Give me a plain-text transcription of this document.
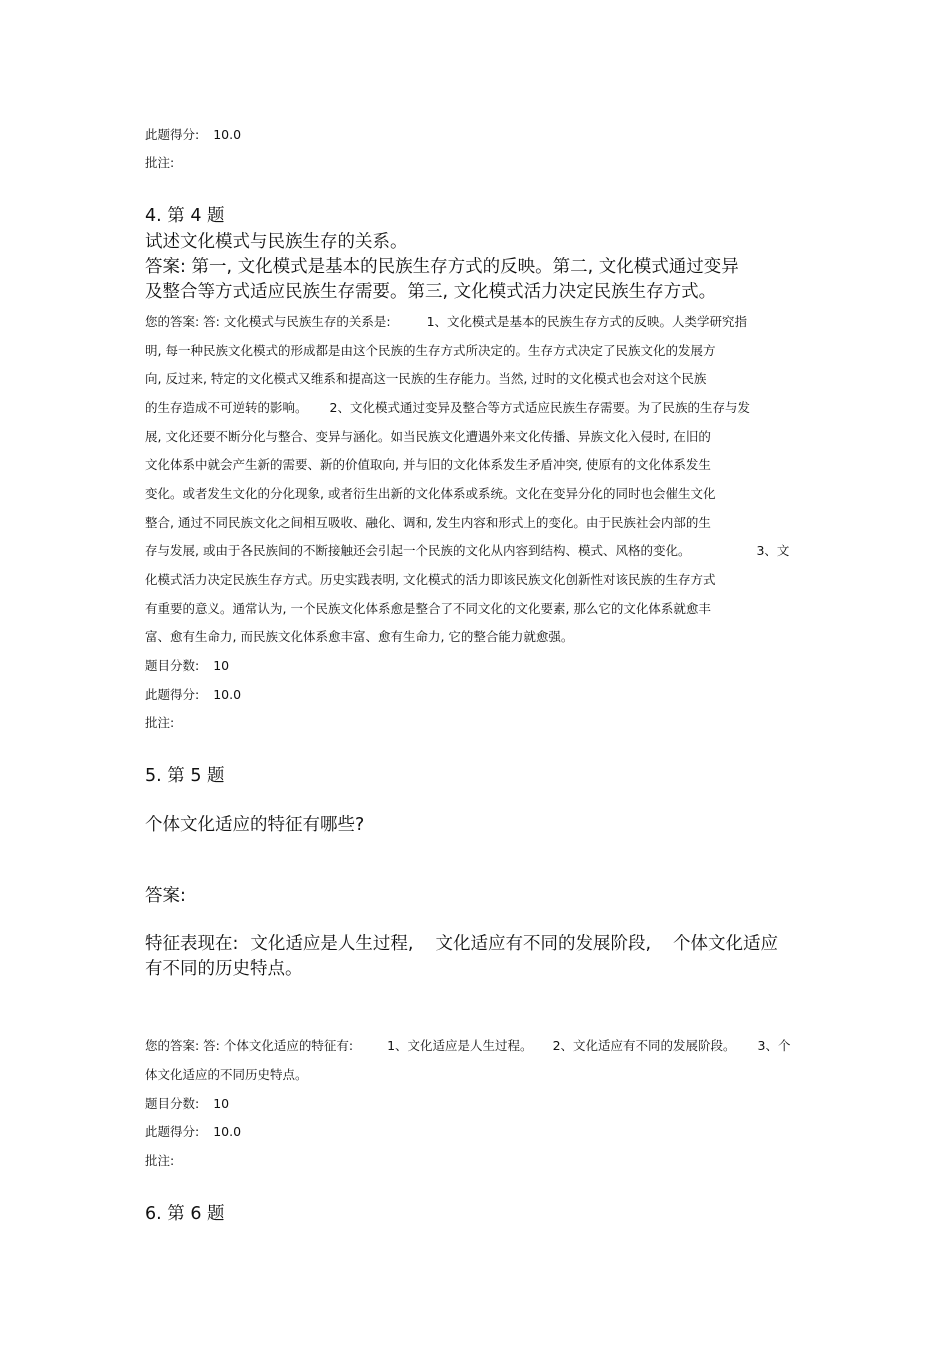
此题得分: 10.0
批注:
4. 第 4 题
试述文化模式与民族生存的关系。
答案: 第一, 文化模式是基本的民族生存方式的反映。第二, 文化模式通过变异
及整合等方式适应民族生存需要。第三, 文化模式活力决定民族生存方式。
您的答案: 答: 文化模式与民族生存的关系是:	1、文化模式是基本的民族生存方式的反映。人类学研究指
明, 每一种民族文化模式的形成都是由这个民族的生存方式所决定的。生存方式决定了民族文化的发展方
向, 反过来, 特定的文化模式又维系和提高这一民族的生存能力。当然, 过时的文化模式也会对这个民族
的生存造成不可逆转的影响。 2、文化模式通过变异及整合等方式适应民族生存需要。为了民族的生存与发
展, 文化还要不断分化与整合、变异与涵化。如当民族文化遭遇外来文化传播、异族文化入侵时, 在旧的
文化体系中就会产生新的需要、新的价值取向, 并与旧的文化体系发生矛盾冲突, 使原有的文化体系发生
变化。或者发生文化的分化现象, 或者衍生出新的文化体系或系统。文化在变异分化的同时也会催生文化
整合, 通过不同民族文化之间相互吸收、融化、调和, 发生内容和形式上的变化。由于民族社会内部的生
存与发展, 或由于各民族间的不断接触还会引起一个民族的文化从内容到结构、模式、风格的变化。	3、文
化模式活力决定民族生存方式。历史实践表明, 文化模式的活力即该民族文化创新性对该民族的生存方式
有重要的意义。通常认为, 一个民族文化体系愈是整合了不同文化的文化要素, 那么它的文化体系就愈丰
富、愈有生命力, 而民族文化体系愈丰富、愈有生命力, 它的整合能力就愈强。
题目分数: 10
此题得分: 10.0
批注:
5. 第 5 题
个体文化适应的特征有哪些?
答案:
特征表现在: 文化适应是人生过程, 文化适应有不同的发展阶段, 个体文化适应
有不同的历史特点。
您的答案: 答: 个体文化适应的特征有:	1、文化适应是人生过程。 2、文化适应有不同的发展阶段。 3、个
体文化适应的不同历史特点。
题目分数: 10
此题得分: 10.0
批注:
6. 第 6 题
